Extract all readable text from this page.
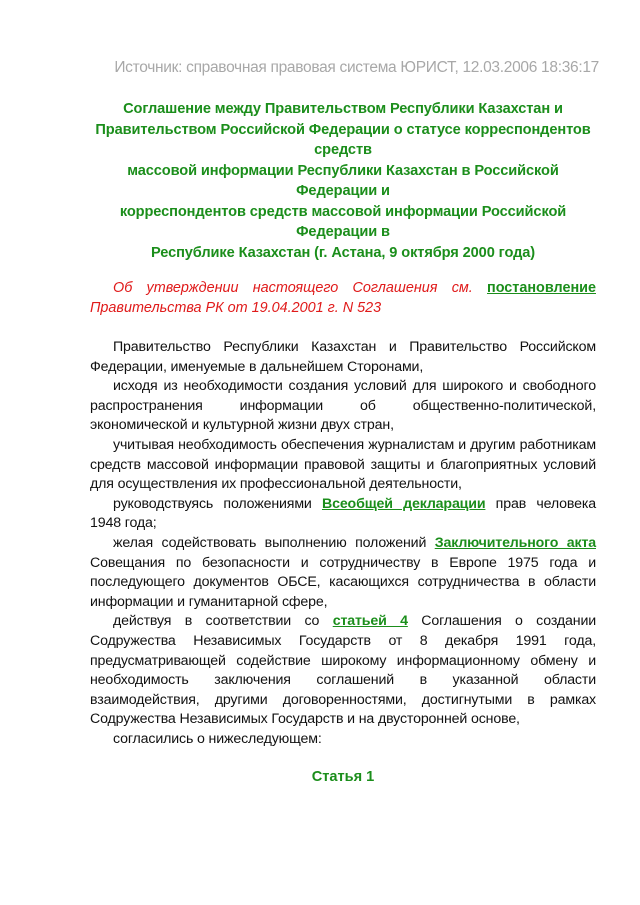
Источник: справочная правовая система ЮРИСТ, 12.03.2006 18:36:17
Соглашение между Правительством Республики Казахстан и
Правительством Российской Федерации о статусе корреспондентов
средств
массовой информации Республики Казахстан в Российской
Федерации и
корреспондентов средств массовой информации Российской
Федерации в
Республике Казахстан (г. Астана, 9 октября 2000 года)

Об утверждении настоящего Соглашения см. постановление Правительства РК от 19.04.2001 г. N 523

Правительство Республики Казахстан и Правительство Российском Федерации, именуемые в дальнейшем Сторонами,

исходя из необходимости создания условий для широкого и свободного распространения информации об общественно-политической, экономической и культурной жизни двух стран,

учитывая необходимость обеспечения журналистам и другим работникам средств массовой информации правовой защиты и благоприятных условий для осуществления их профессиональной деятельности,

руководствуясь положениями Всеобщей декларации прав человека 1948 года;

желая содействовать выполнению положений Заключительного акта Совещания по безопасности и сотрудничеству в Европе 1975 года и последующего документов ОБСЕ, касающихся сотрудничества в области информации и гуманитарной сфере,

действуя в соответствии со статьей 4 Соглашения о создании Содружества Независимых Государств от 8 декабря 1991 года, предусматривающей содействие широкому информационному обмену и необходимость заключения соглашений в указанной области взаимодействия, другими договоренностями, достигнутыми в рамках Содружества Независимых Государств и на двусторонней основе,

согласились о нижеследующем:

Статья 1
